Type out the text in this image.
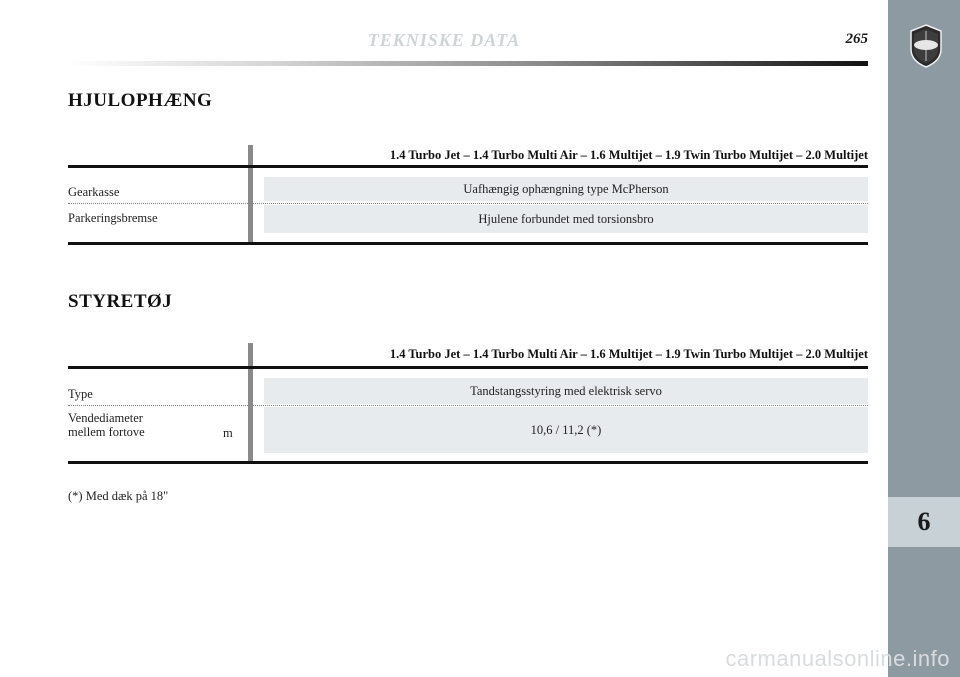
6
TEKNISKE DATA	265
HJULOPHÆNG
1.4 Turbo Jet – 1.4 Turbo Multi Air – 1.6 Multijet – 1.9 Twin Turbo Multijet – 2.0 Multijet
Gearkasse	Uafhængig ophængning type McPherson
Parkeringsbremse	Hjulene forbundet med torsionsbro
STYRETØJ
1.4 Turbo Jet – 1.4 Turbo Multi Air – 1.6 Multijet – 1.9 Twin Turbo Multijet – 2.0 Multijet
Type	Tandstangsstyring med elektrisk servo
Vendediameter
mellem fortove	m	10,6 / 11,2 (*)
(*) Med dæk på 18"
carmanualsonline.info
